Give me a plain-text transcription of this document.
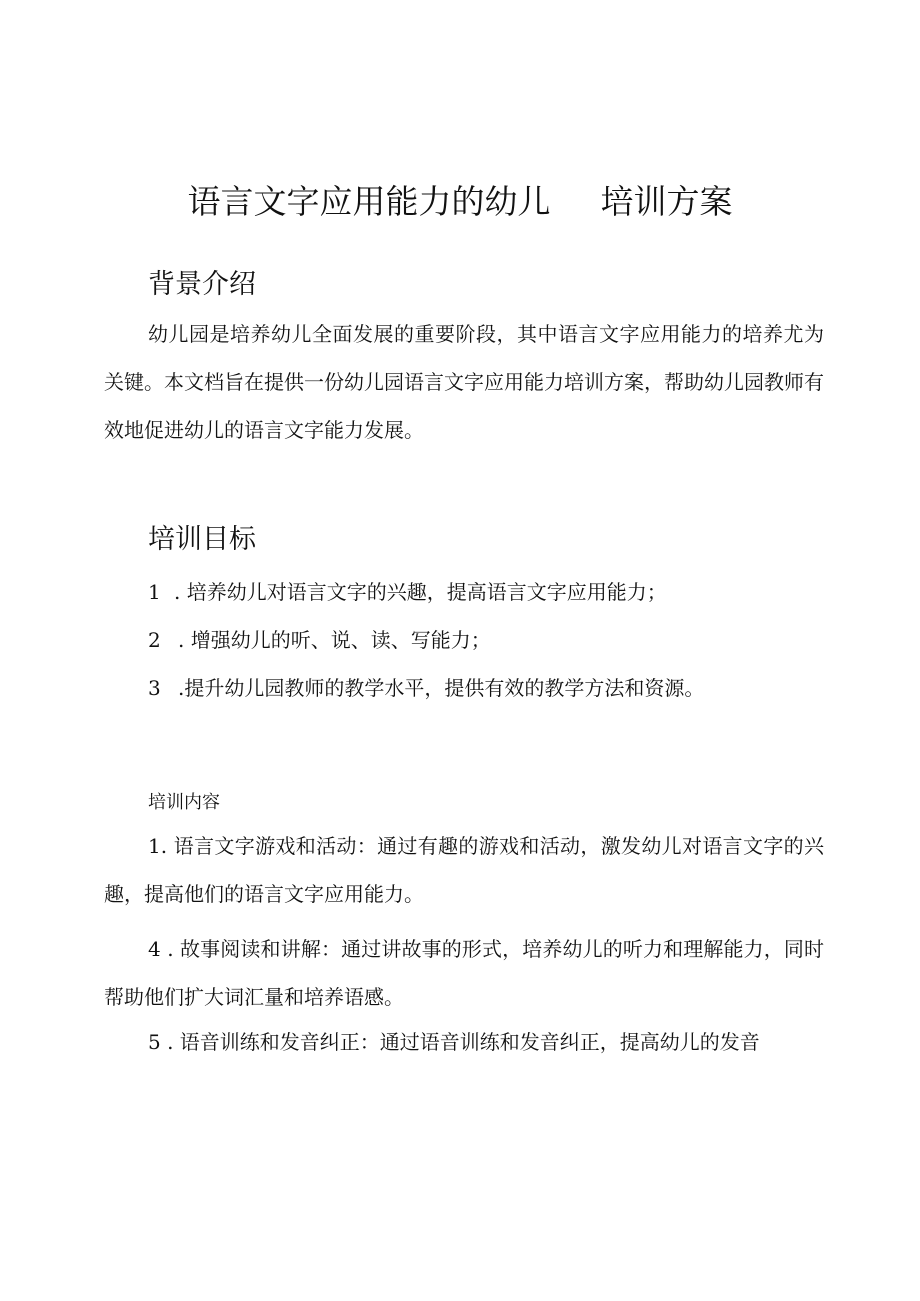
语言文字应用能力的幼儿 培训方案
背景介绍
幼儿园是培养幼儿全面发展的重要阶段，其中语言文字应用能力的培养尤为关键。本文档旨在提供一份幼儿园语言文字应用能力培训方案，帮助幼儿园教师有效地促进幼儿的语言文字能力发展。
培训目标
1 . 培养幼儿对语言文字的兴趣，提高语言文字应用能力；
2 . 增强幼儿的听、说、读、写能力；
3 .提升幼儿园教师的教学水平，提供有效的教学方法和资源。
培训内容
1. 语言文字游戏和活动：通过有趣的游戏和活动，激发幼儿对语言文字的兴趣，提高他们的语言文字应用能力。
4 . 故事阅读和讲解：通过讲故事的形式，培养幼儿的听力和理解能力，同时帮助他们扩大词汇量和培养语感。
5 . 语音训练和发音纠正：通过语音训练和发音纠正，提高幼儿的发音
